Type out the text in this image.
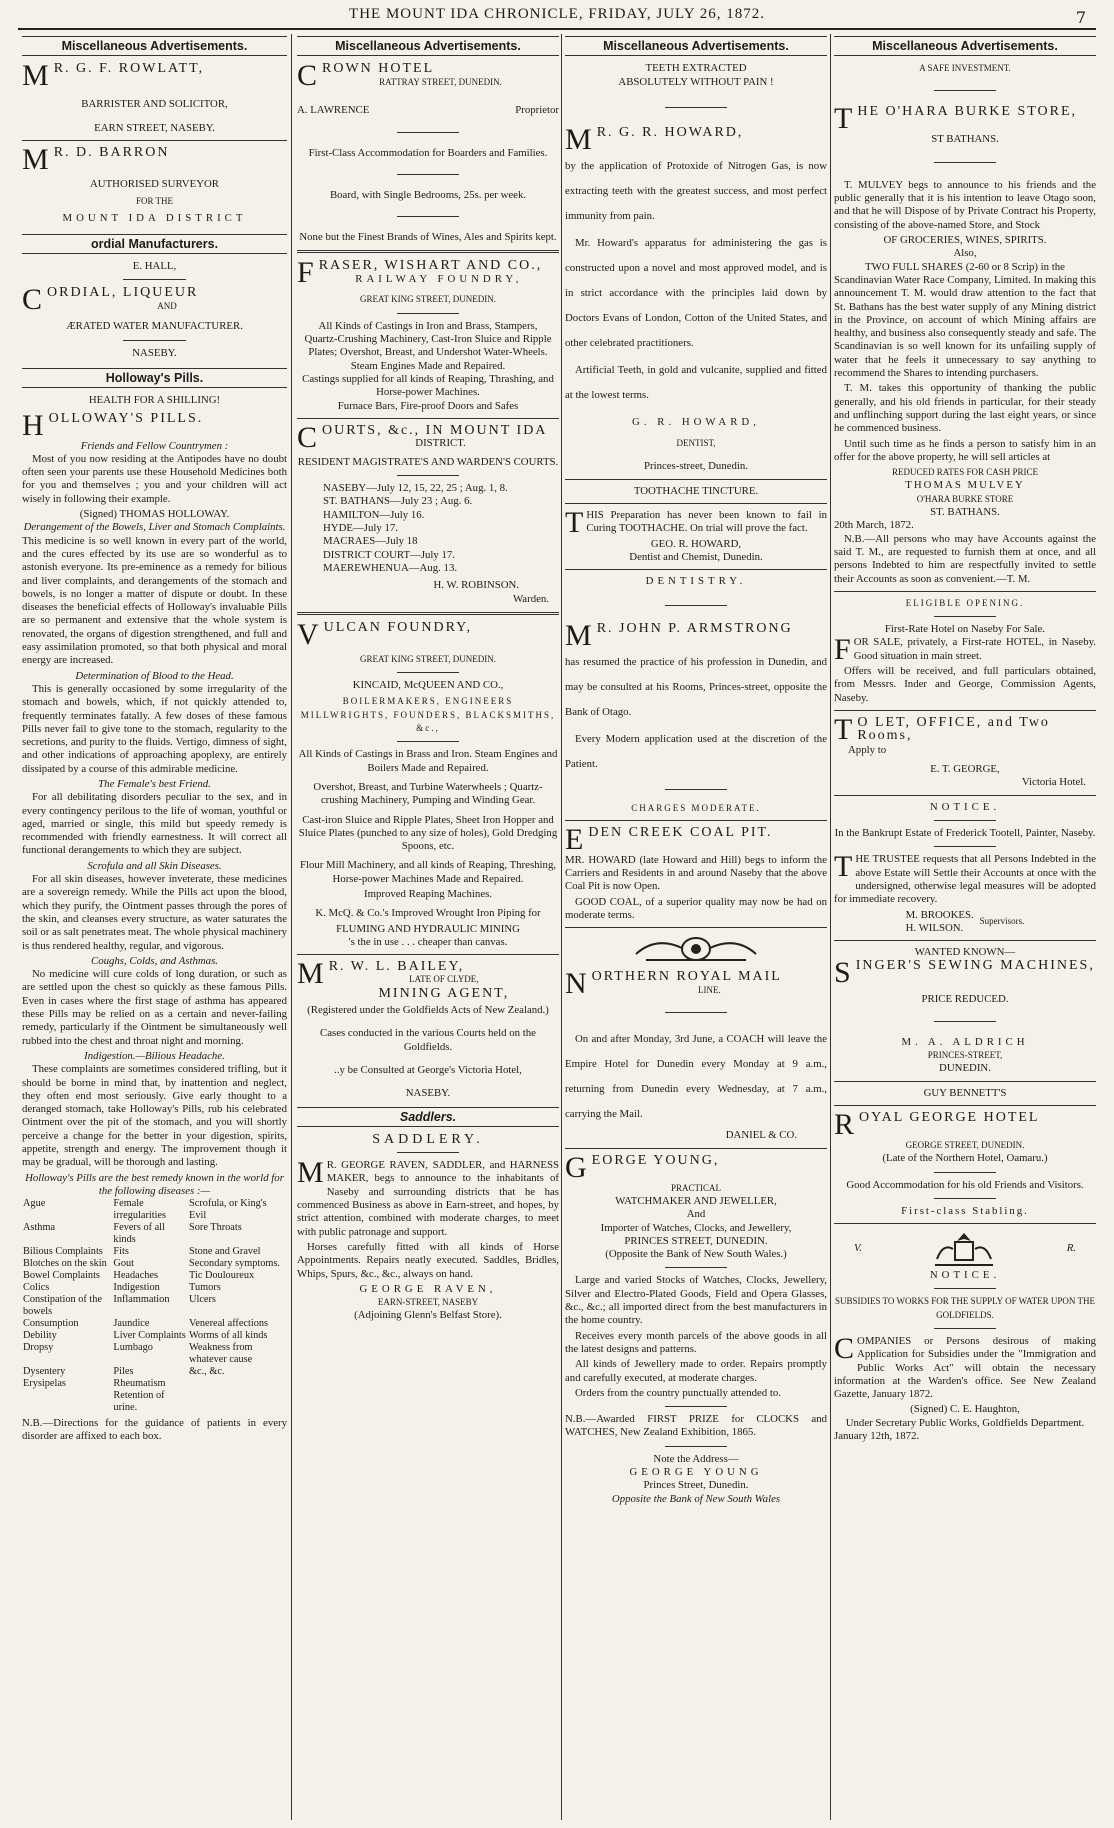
THE MOUNT IDA CHRONICLE, FRIDAY, JULY 26, 1872.	7
Miscellaneous Advertisements.
M R. G. F. ROWLATT,
BARRISTER AND SOLICITOR,
EARN STREET, NASEBY.
M R. D. BARRON
AUTHORISED SURVEYOR
FOR THE
MOUNT IDA DISTRICT
ordial Manufacturers.
E. HALL,
CORDIAL, LIQUEUR
AND
ÆRATED WATER MANUFACTURER.
NASEBY.
Holloway's Pills.
HEALTH FOR A SHILLING!
HOLLOWAY'S PILLS.
Friends and Fellow Countrymen :

Most of you now residing at the Antipodes have no doubt often seen your parents use these Household Medicines both for you and themselves ; you and your children will act wisely in following their example.

(Signed) THOMAS HOLLOWAY.
Derangement of the Bowels, Liver and Stomach Complaints.

This medicine is so well known in every part of the world, and the cures effected by its use are so wonderful as to astonish everyone. Its pre-eminence as a remedy for bilious and liver complaints, and derangements of the stomach and bowels, is no longer a matter of dispute or doubt. In these diseases the beneficial effects of Holloway's invaluable Pills are so permanent and extensive that the whole system is renovated, the organs of digestion strengthened, and full and easy assimilation promoted, so that both physical and moral energy are increased.

Determination of Blood to the Head.

This is generally occasioned by some irregularity of the stomach and bowels, which, if not quickly attended to, frequently terminates fatally. A few doses of these famous Pills never fail to give tone to the stomach, regularity to the secretions, and purity to the fluids. Vertigo, dimness of sight, and other indications of approaching apoplexy, are entirely dissipated by a course of this admirable medicine.

The Female's best Friend.

For all debilitating disorders peculiar to the sex, and in every contingency perilous to the life of woman, youthful or aged, married or single, this mild but speedy remedy is recommended with friendly earnestness. It will correct all functional derangements to which they are subject.

Scrofula and all Skin Diseases.

For all skin diseases, however inveterate, these medicines are a sovereign remedy. While the Pills act upon the blood, which they purify, the Ointment passes through the pores of the skin, and cleanses every structure, as water saturates the soil or as salt penetrates meat. The whole physical machinery is thus rendered healthy, regular, and vigorous.

Coughs, Colds, and Asthmas.

No medicine will cure colds of long duration, or such as are settled upon the chest so quickly as these famous Pills. Even in cases where the first stage of asthma has appeared these Pills may be relied on as a certain and never-failing remedy, particularly if the Ointment be simultaneously well rubbed into the chest and throat night and morning.

Indigestion.—Bilious Headache.

These complaints are sometimes considered trifling, but it should be borne in mind that, by inattention and neglect, they often end most seriously. Give early thought to a deranged stomach, take Holloway's Pills, rub his celebrated Ointment over the pit of the stomach, and you will shortly perceive a change for the better in your digestion, spirits, appetite, strength and energy. The improvement though it may be gradual, will be thorough and lasting.

Holloway's Pills are the best remedy known in the world for the following diseases :—
Ague	Female irregularities	Scrofula, or King's Evil
Asthma	Fevers of all kinds	Sore Throats
Bilious Complaints	Fits	Stone and Gravel
Blotches on the skin	Gout	Secondary symptoms.
Bowel Complaints	Headaches	Tic Douloureux
Colics	Indigestion	Tumors
Constipation of the bowels	Inflammation	Ulcers
Consumption	Jaundice	Venereal affections
Debility	Liver Complaints	Worms of all kinds
Dropsy	Lumbago	Weakness from whatever cause
Dysentery	Piles	&c., &c.
Erysipelas	Rheumatism	
	Retention of urine.	

N.B.—Directions for the guidance of patients in every disorder are affixed to each box.

Miscellaneous Advertisements.
CROWN HOTEL
RATTRAY STREET, DUNEDIN.
A. LAWRENCE	Proprietor
First-Class Accommodation for Boarders and Families.
Board, with Single Bedrooms, 25s. per week.
None but the Finest Brands of Wines, Ales and Spirits kept.
FRASER, WISHART AND CO.,
RAILWAY FOUNDRY,
GREAT KING STREET, DUNEDIN.
All Kinds of Castings in Iron and Brass, Stampers,
Quartz-Crushing Machinery, Cast-Iron Sluice and Ripple Plates; Overshot, Breast, and Undershot Water-Wheels.
Steam Engines Made and Repaired.
Castings supplied for all kinds of Reaping, Thrashing, and Horse-power Machines.
Furnace Bars, Fire-proof Doors and Safes
COURTS, &c., IN MOUNT IDA
DISTRICT.
RESIDENT MAGISTRATE'S AND WARDEN'S COURTS.
NASEBY—July 12, 15, 22, 25 ; Aug. 1, 8.
ST. BATHANS—July 23 ; Aug. 6.
HAMILTON—July 16.
HYDE—July 17.
MACRAES—July 18
DISTRICT COURT—July 17.
MAEREWHENUA—Aug. 13.
H. W. ROBINSON.
Warden.
VULCAN FOUNDRY,
GREAT KING STREET, DUNEDIN.
KINCAID, McQUEEN AND CO.,
BOILERMAKERS, ENGINEERS MILLWRIGHTS, FOUNDERS, BLACKSMITHS, &c.,

All Kinds of Castings in Brass and Iron. Steam Engines and Boilers Made and Repaired.

Overshot, Breast, and Turbine Waterwheels ; Quartz-crushing Machinery, Pumping and Winding Gear.

Cast-iron Sluice and Ripple Plates, Sheet Iron Hopper and Sluice Plates (punched to any size of holes), Gold Dredging Spoons, etc.

Flour Mill Machinery, and all kinds of Reaping, Threshing, Horse-power Machines Made and Repaired.

Improved Reaping Machines.

K. McQ. & Co.'s Improved Wrought Iron Piping for

FLUMING AND HYDRAULIC MINING
's the in use . . . cheaper than canvas.
M R. W. L. BAILEY,
LATE OF CLYDE,
MINING AGENT,
(Registered under the Goldfields Acts of New Zealand.)
Cases conducted in the various Courts held on the Goldfields.
..y be Consulted at George's Victoria Hotel,
NASEBY.
Saddlers.
SADDLERY.

M R. GEORGE RAVEN, SADDLER, and HARNESS MAKER, begs to announce to the inhabitants of Naseby and surrounding districts that he has commenced Business as above in Earn-street, and hopes, by strict attention, combined with moderate charges, to meet with public patronage and support.

Horses carefully fitted with all kinds of Horse Appointments. Repairs neatly executed. Saddles, Bridles, Whips, Spurs, &c., &c., always on hand.

GEORGE RAVEN,
EARN-STREET, NASEBY
(Adjoining Glenn's Belfast Store).
Miscellaneous Advertisements.
TEETH EXTRACTED
ABSOLUTELY WITHOUT PAIN !
M R. G. R. HOWARD,

by the application of Protoxide of Nitrogen Gas, is now extracting teeth with the greatest success, and most perfect immunity from pain.

Mr. Howard's apparatus for administering the gas is constructed upon a novel and most approved model, and is in strict accordance with the principles laid down by Doctors Evans of London, Cotton of the United States, and other celebrated practitioners.

Artificial Teeth, in gold and vulcanite, supplied and fitted at the lowest terms.

G. R. HOWARD,
DENTIST,
Princes-street, Dunedin.
TOOTHACHE TINCTURE.

THIS Preparation has never been known to fail in Curing TOOTHACHE. On trial will prove the fact.

GEO. R. HOWARD,
Dentist and Chemist, Dunedin.
DENTISTRY.
M R. JOHN P. ARMSTRONG

has resumed the practice of his profession in Dunedin, and may be consulted at his Rooms, Princes-street, opposite the Bank of Otago.

Every Modern application used at the discretion of the Patient.

CHARGES MODERATE.
EDEN CREEK COAL PIT.

MR. HOWARD (late Howard and Hill) begs to inform the Carriers and Residents in and around Naseby that the above Coal Pit is now Open.

GOOD COAL, of a superior quality may now be had on moderate terms.

NORTHERN ROYAL MAIL
LINE.

On and after Monday, 3rd June, a COACH will leave the Empire Hotel for Dunedin every Monday at 9 a.m., returning from Dunedin every Wednesday, at 7 a.m., carrying the Mail.

DANIEL & CO.
GEORGE YOUNG,
PRACTICAL
WATCHMAKER AND JEWELLER,
And
Importer of Watches, Clocks, and Jewellery,
PRINCES STREET, DUNEDIN.
(Opposite the Bank of New South Wales.)

Large and varied Stocks of Watches, Clocks, Jewellery, Silver and Electro-Plated Goods, Field and Opera Glasses, &c., &c.; all imported direct from the best manufacturers in the home country.

Receives every month parcels of the above goods in all the latest designs and patterns.

All kinds of Jewellery made to order. Repairs promptly and carefully executed, at moderate charges.

Orders from the country punctually attended to.

N.B.—Awarded FIRST PRIZE for CLOCKS and WATCHES, New Zealand Exhibition, 1865.

Note the Address—
GEORGE YOUNG
Princes Street, Dunedin.
Opposite the Bank of New South Wales
Miscellaneous Advertisements.
A SAFE INVESTMENT.
THE O'HARA BURKE STORE,
ST BATHANS.

T. MULVEY begs to announce to his friends and the public generally that it is his intention to leave Otago soon, and that he will Dispose of by Private Contract his Property, consisting of the above-named Store, and Stock

OF GROCERIES, WINES, SPIRITS.
Also,
TWO FULL SHARES (2-60 or 8 Scrip) in the

Scandinavian Water Race Company, Limited. In making this announcement T. M. would draw attention to the fact that St. Bathans has the best water supply of any Mining district in the Province, on account of which Mining affairs are healthy, and business also consequently steady and safe. The Scandinavian is so well known for its unfailing supply of water that he feels it unnecessary to say anything to recommend the Shares to intending purchasers.

T. M. takes this opportunity of thanking the public generally, and his old friends in particular, for their steady and unflinching support during the last eight years, or since he commenced business.

Until such time as he finds a person to satisfy him in an offer for the above property, he will sell articles at

REDUCED RATES FOR CASH PRICE
THOMAS MULVEY
O'HARA BURKE STORE
ST. BATHANS.
20th March, 1872.

N.B.—All persons who may have Accounts against the said T. M., are requested to furnish them at once, and all persons Indebted to him are respectfully invited to settle their Accounts as soon as convenient.—T. M.

ELIGIBLE OPENING.
First-Rate Hotel on Naseby For Sale.

FOR SALE, privately, a First-rate HOTEL, in Naseby. Good situation in main street.

Offers will be received, and full particulars obtained, from Messrs. Inder and George, Commission Agents, Naseby.

T O LET, OFFICE, and Two Rooms,
Apply to
E. T. GEORGE,
Victoria Hotel.
NOTICE.
In the Bankrupt Estate of Frederick Tootell, Painter, Naseby.

THE TRUSTEE requests that all Persons Indebted in the above Estate will Settle their Accounts at once with the undersigned, otherwise legal measures will be adopted for immediate recovery.

M. BROOKES.
H. WILSON.
Supervisors.
WANTED KNOWN—
SINGER'S SEWING MACHINES,
PRICE REDUCED.
M. A. ALDRICH
PRINCES-STREET,
DUNEDIN.
GUY BENNETT'S
ROYAL GEORGE HOTEL
GEORGE STREET, DUNEDIN.
(Late of the Northern Hotel, Oamaru.)
Good Accommodation for his old Friends and Visitors.
First-class Stabling.
V.	R.
NOTICE.
SUBSIDIES TO WORKS FOR THE SUPPLY OF WATER UPON THE GOLDFIELDS.

COMPANIES or Persons desirous of making Application for Subsidies under the "Immigration and Public Works Act" will obtain the necessary information at the Warden's office. See New Zealand Gazette, January 1872.

(Signed) C. E. Haughton,
Under Secretary Public Works, Goldfields Department.
January 12th, 1872.
